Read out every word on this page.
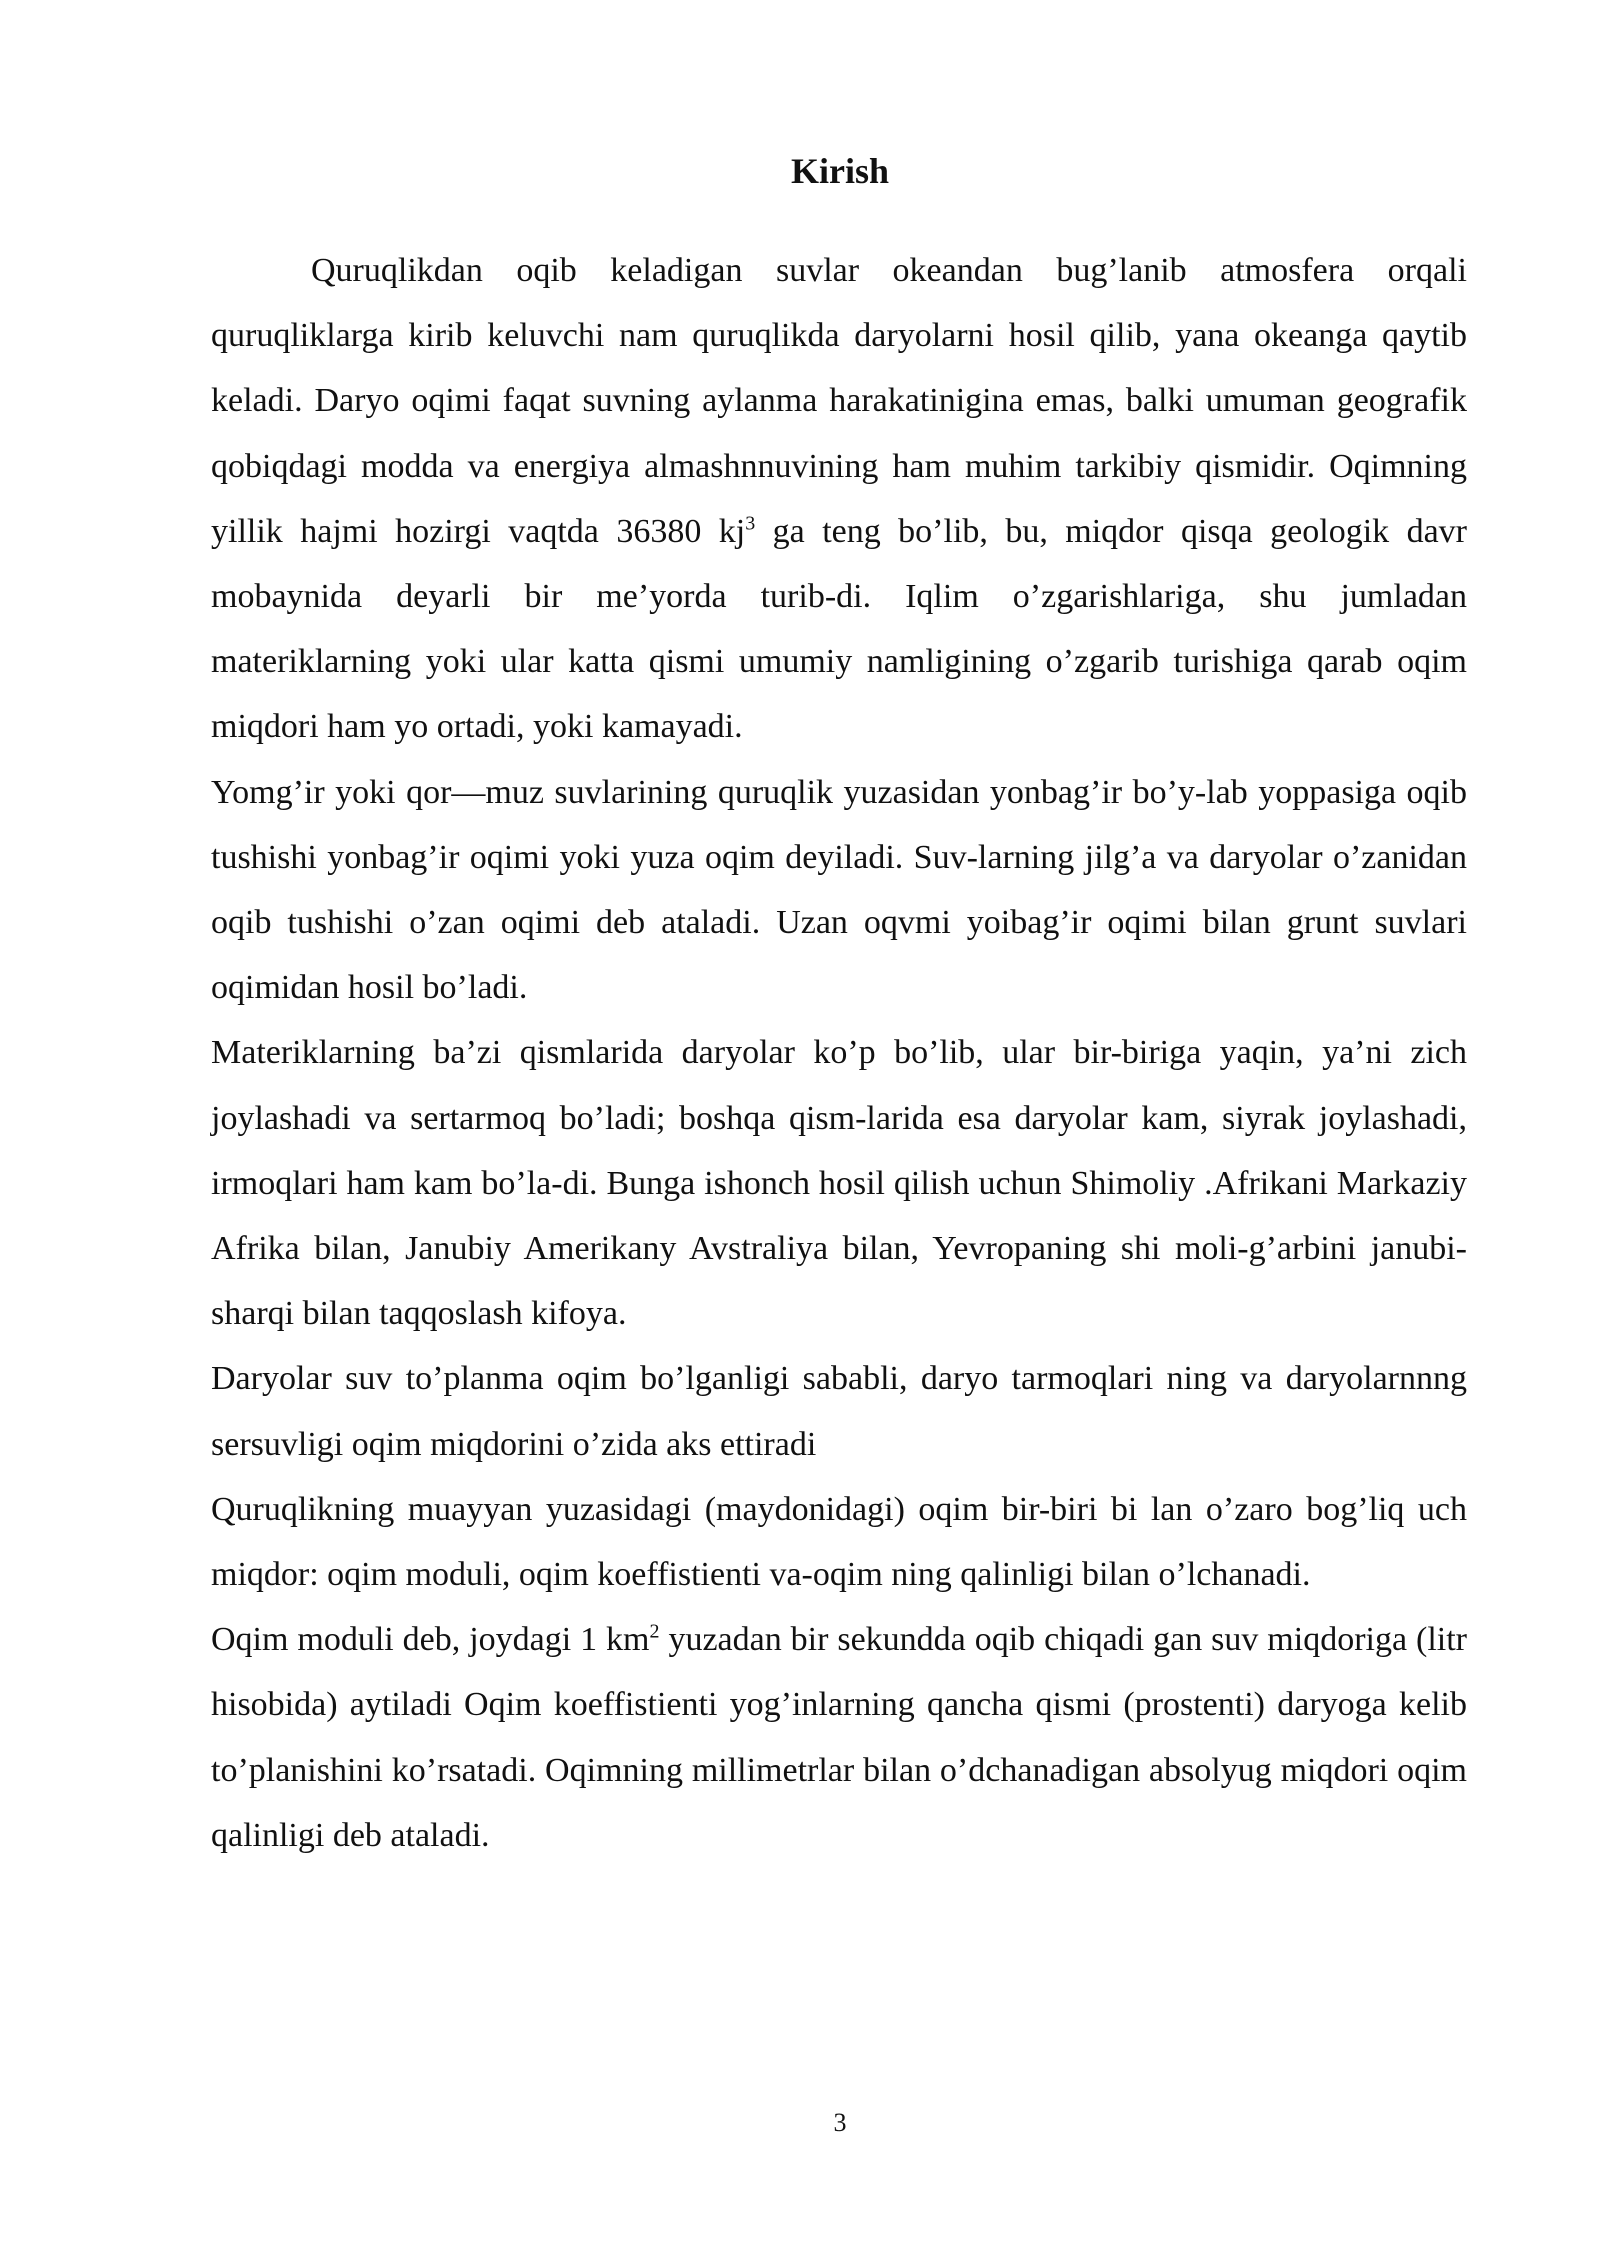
Kirish

Quruqlikdan oqib keladigan suvlar okeandan bug’lanib atmosfera orqali quruqliklarga kirib keluvchi nam quruqlikda daryolarni hosil qilib, yana okeanga qaytib keladi. Daryo oqimi faqat suvning aylanma harakatinigina emas, balki umuman geografik qobiqdagi modda va energiya almashnnuvining ham muhim tarkibiy qismidir. Oqimning yillik hajmi hozirgi vaqtda 36380 $kj^3$ ga teng bo’lib, bu, miqdor qisqa geologik davr mobaynida deyarli bir me’yorda turib-di. Iqlim o’zgarishlariga, shu jumladan materiklarning yoki ular katta qismi umumiy namligining o’zgarib turishiga qarab oqim miqdori ham yo ortadi, yoki kamayadi.

Yomg’ir yoki qor—muz suvlarining quruqlik yuzasidan yonbag’ir bo’y-lab yoppasiga oqib tushishi yonbag’ir oqimi yoki yuza oqim deyiladi. Suv-larning jilg’a va daryolar o’zanidan oqib tushishi o’zan oqimi deb ataladi. Uzan oqvmi yoibag’ir oqimi bilan grunt suvlari oqimidan hosil bo’ladi.

Materiklarning ba’zi qismlarida daryolar ko’p bo’lib, ular bir-biriga yaqin, ya’ni zich joylashadi va sertarmoq bo’ladi; boshqa qism-larida esa daryolar kam, siyrak joylashadi, irmoqlari ham kam bo’la-di. Bunga ishonch hosil qilish uchun Shimoliy .Afrikani Markaziy Afrika bilan, Janubiy Amerikany Avstraliya bilan, Yevropaning shi moli-g’arbini janubi-sharqi bilan taqqoslash kifoya.

Daryolar suv to’planma oqim bo’lganligi sababli, daryo tarmoqlari ning va daryolarnnng sersuvligi oqim miqdorini o’zida aks ettiradi

Quruqlikning muayyan yuzasidagi (maydonidagi) oqim bir-biri bi lan o’zaro bog’liq uch miqdor: oqim moduli, oqim koeffistienti va-oqim ning qalinligi bilan o’lchanadi.

Oqim moduli deb, joydagi 1 $km^2$ yuzadan bir sekundda oqib chiqadi gan suv miqdoriga (litr hisobida) aytiladi Oqim koeffistienti yog’inlarning qancha qismi (prostenti) daryoga kelib to’planishini ko’rsatadi. Oqimning millimetrlar bilan o’dchanadigan absolyug miqdori oqim qalinligi deb ataladi.

3
